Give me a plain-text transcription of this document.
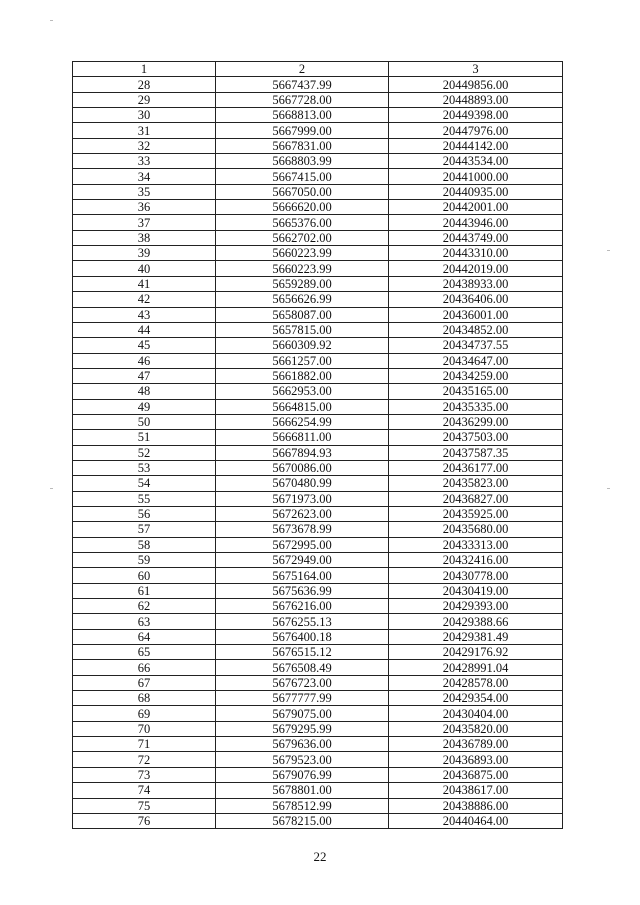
1	2	3
28	5667437.99	20449856.00
29	5667728.00	20448893.00
30	5668813.00	20449398.00
31	5667999.00	20447976.00
32	5667831.00	20444142.00
33	5668803.99	20443534.00
34	5667415.00	20441000.00
35	5667050.00	20440935.00
36	5666620.00	20442001.00
37	5665376.00	20443946.00
38	5662702.00	20443749.00
39	5660223.99	20443310.00
40	5660223.99	20442019.00
41	5659289.00	20438933.00
42	5656626.99	20436406.00
43	5658087.00	20436001.00
44	5657815.00	20434852.00
45	5660309.92	20434737.55
46	5661257.00	20434647.00
47	5661882.00	20434259.00
48	5662953.00	20435165.00
49	5664815.00	20435335.00
50	5666254.99	20436299.00
51	5666811.00	20437503.00
52	5667894.93	20437587.35
53	5670086.00	20436177.00
54	5670480.99	20435823.00
55	5671973.00	20436827.00
56	5672623.00	20435925.00
57	5673678.99	20435680.00
58	5672995.00	20433313.00
59	5672949.00	20432416.00
60	5675164.00	20430778.00
61	5675636.99	20430419.00
62	5676216.00	20429393.00
63	5676255.13	20429388.66
64	5676400.18	20429381.49
65	5676515.12	20429176.92
66	5676508.49	20428991.04
67	5676723.00	20428578.00
68	5677777.99	20429354.00
69	5679075.00	20430404.00
70	5679295.99	20435820.00
71	5679636.00	20436789.00
72	5679523.00	20436893.00
73	5679076.99	20436875.00
74	5678801.00	20438617.00
75	5678512.99	20438886.00
76	5678215.00	20440464.00
22
